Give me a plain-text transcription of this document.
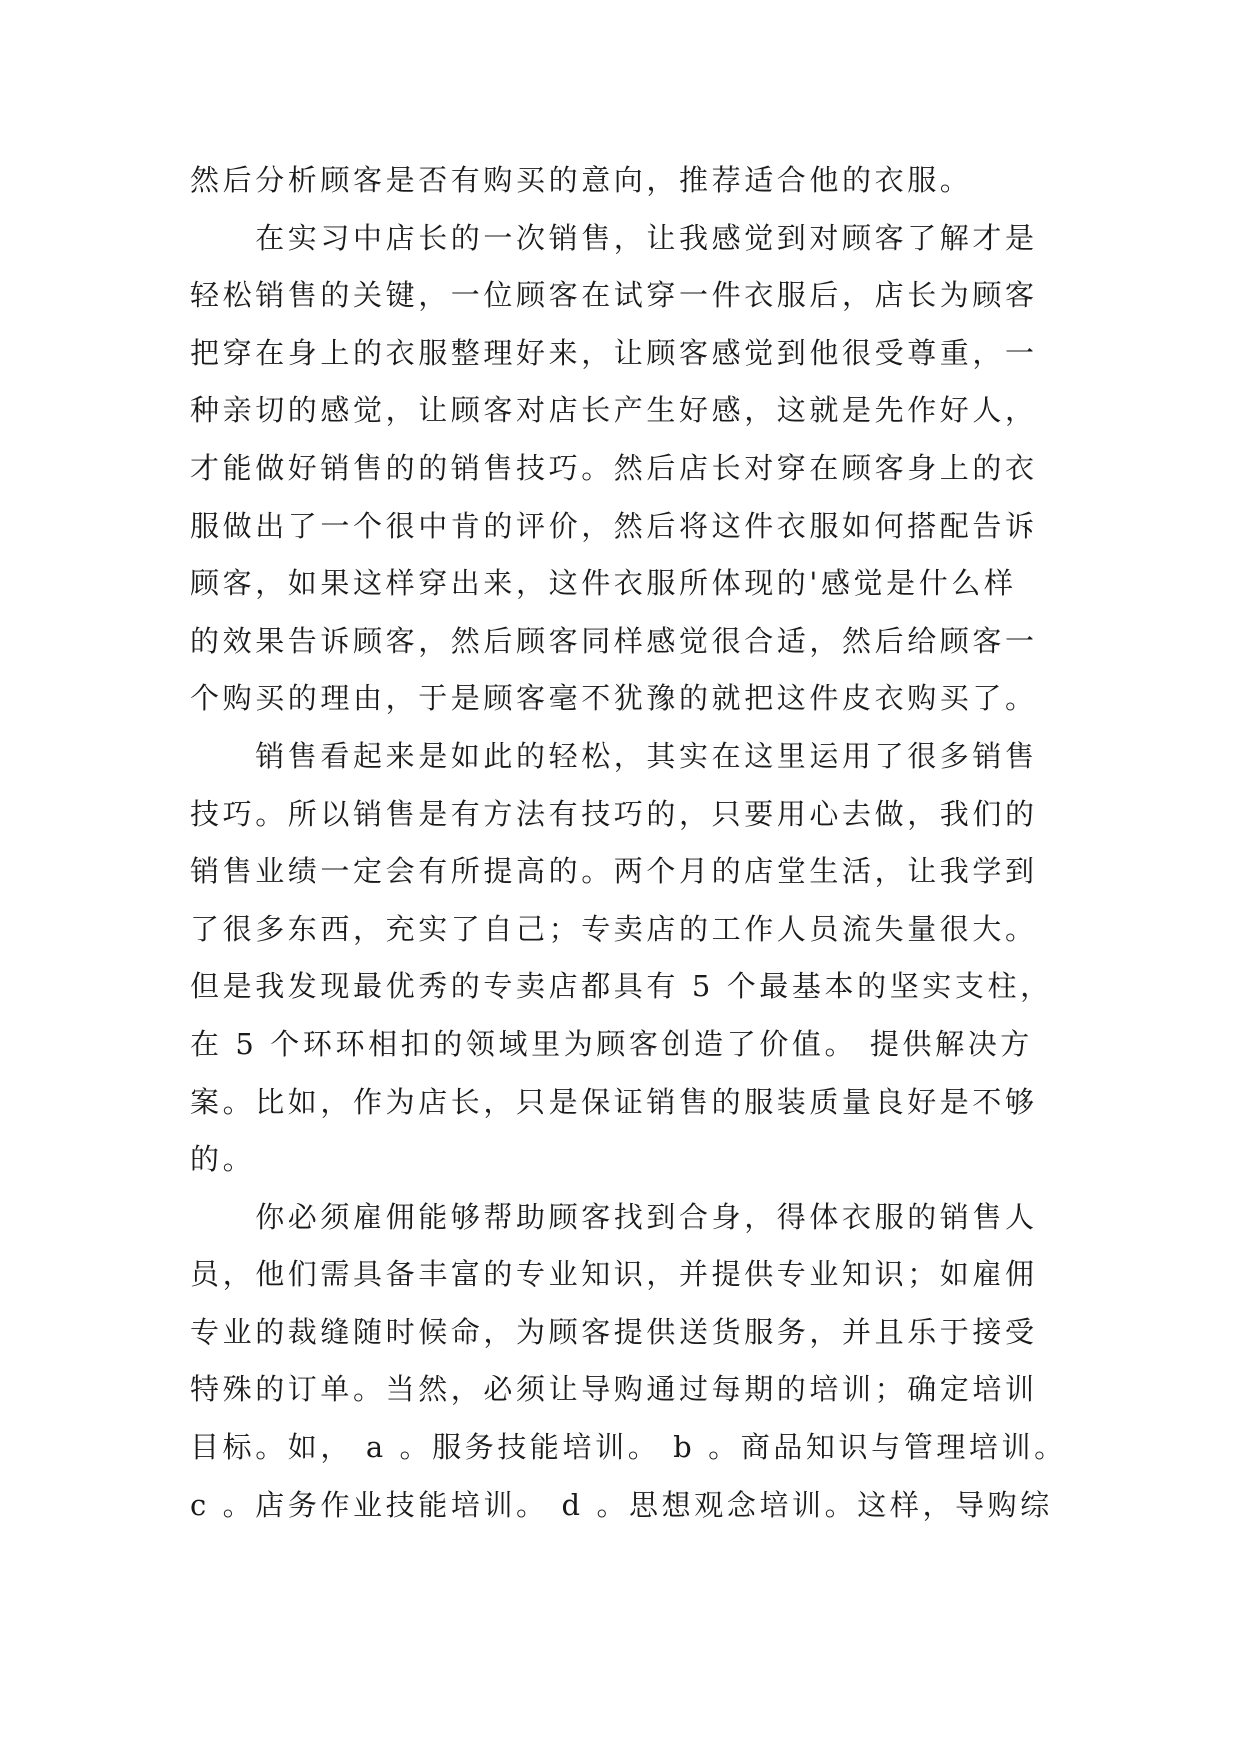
然后分析顾客是否有购买的意向，推荐适合他的衣服。
　　在实习中店长的一次销售，让我感觉到对顾客了解才是
轻松销售的关键，一位顾客在试穿一件衣服后，店长为顾客
把穿在身上的衣服整理好来，让顾客感觉到他很受尊重，一
种亲切的感觉，让顾客对店长产生好感，这就是先作好人，
才能做好销售的的销售技巧。然后店长对穿在顾客身上的衣
服做出了一个很中肯的评价，然后将这件衣服如何搭配告诉
顾客，如果这样穿出来，这件衣服所体现的'感觉是什么样
的效果告诉顾客，然后顾客同样感觉很合适，然后给顾客一
个购买的理由，于是顾客毫不犹豫的就把这件皮衣购买了。
　　销售看起来是如此的轻松，其实在这里运用了很多销售
技巧。所以销售是有方法有技巧的，只要用心去做，我们的
销售业绩一定会有所提高的。两个月的店堂生活，让我学到
了很多东西，充实了自己；专卖店的工作人员流失量很大。
但是我发现最优秀的专卖店都具有 5 个最基本的坚实支柱，
在 5 个环环相扣的领域里为顾客创造了价值。 提供解决方
案。比如，作为店长，只是保证销售的服装质量良好是不够
的。
　　你必须雇佣能够帮助顾客找到合身，得体衣服的销售人
员，他们需具备丰富的专业知识，并提供专业知识；如雇佣
专业的裁缝随时候命，为顾客提供送货服务，并且乐于接受
特殊的订单。当然，必须让导购通过每期的培训；确定培训
目标。如， a 。服务技能培训。 b 。商品知识与管理培训。
c 。店务作业技能培训。 d 。思想观念培训。这样，导购综
